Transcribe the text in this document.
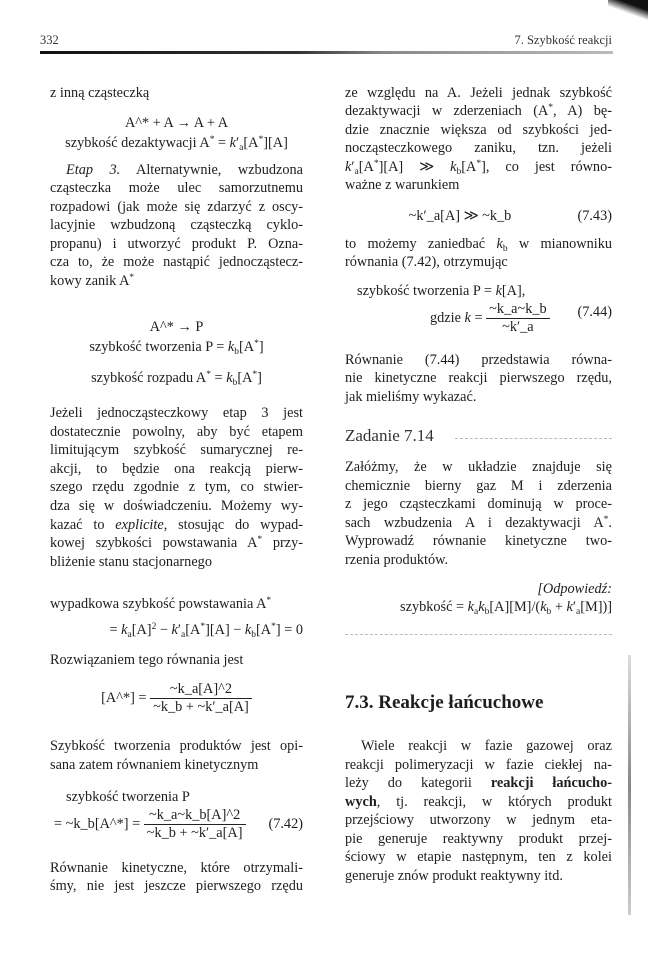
332	7. Szybkość reakcji
z inną cząsteczką
A^* + A → A + A
szybkość dezaktywacji $A^* = k'_a[A^*][A]$
Etap 3. Alternatywnie, wzbudzona
cząsteczka może ulec samorzutnemu
rozpadowi (jak może się zdarzyć z oscy-
lacyjnie wzbudzoną cząsteczką cyklo-
propanu) i utworzyć produkt P. Ozna-
cza to, że może nastąpić jednocząstecz-
kowy zanik A*
A^* → P
szybkość tworzenia $P = k_b[A^*]$
szybkość rozpadu $A^* = k_b[A^*]$
Jeżeli jednocząsteczkowy etap 3 jest
dostatecznie powolny, aby być etapem
limitującym szybkość sumarycznej re-
akcji, to będzie ona reakcją pierw-
szego rzędu zgodnie z tym, co stwier-
dza się w doświadczeniu. Możemy wy-
kazać to explicite, stosując do wypad-
kowej szybkości powstawania A* przy-
bliżenie stanu stacjonarnego
wypadkowa szybkość powstawania A*
= $k_a[A]^2 - k'_a[A^*][A] - k_b[A^*] = 0$
Rozwiązaniem tego równania jest
[A^*] = $\frac{\sim k\_a[A]\^{}2}{\sim k\_b + \sim k'\_a[A]}$
Szybkość tworzenia produktów jest opi-
sana zatem równaniem kinetycznym
szybkość tworzenia P
= ~k_b[A^*] = $\frac{\sim k\_a\sim k\_b[A]\^{}2}{\sim k\_b + \sim k'\_a[A]} (7.42)$
Równanie kinetyczne, które otrzymali-
śmy, nie jest jeszcze pierwszego rzędu
ze względu na A. Jeżeli jednak szybkość
dezaktywacji w zderzeniach (A*, A) bę-
dzie znacznie większa od szybkości jed-
nocząsteczkowego zaniku, tzn. jeżeli
$k'_a[A^*][A]$ ≫ $k_b[A^*]$, co jest równo-
ważne z warunkiem
~k′_a[A] ≫ ~k_b	(7.43)
to możemy zaniedbać $k_b$ w mianowniku
równania (7.42), otrzymując
szybkość tworzenia P = k[A],
gdzie $k = \frac{\sim k\_a\sim k\_b}{\sim k'\_a}$	(7.44)
Równanie (7.44) przedstawia równa-
nie kinetyczne reakcji pierwszego rzędu,
jak mieliśmy wykazać.
Zadanie 7.14
Załóżmy, że w układzie znajduje się
chemicznie bierny gaz M i zderzenia
z jego cząsteczkami dominują w proce-
sach wzbudzenia A i dezaktywacji A*.
Wyprowadź równanie kinetyczne two-
rzenia produktów.
[Odpowiedź:
szybkość = $k_ak_b[A][M]/(k_b + k'_a[M])$]
7.3. Reakcje łańcuchowe
Wiele reakcji w fazie gazowej oraz
reakcji polimeryzacji w fazie ciekłej na-
leży do kategorii reakcji łańcucho-
wych, tj. reakcji, w których produkt
przejściowy utworzony w jednym eta-
pie generuje reaktywny produkt przej-
ściowy w etapie następnym, ten z kolei
generuje znów produkt reaktywny itd.
